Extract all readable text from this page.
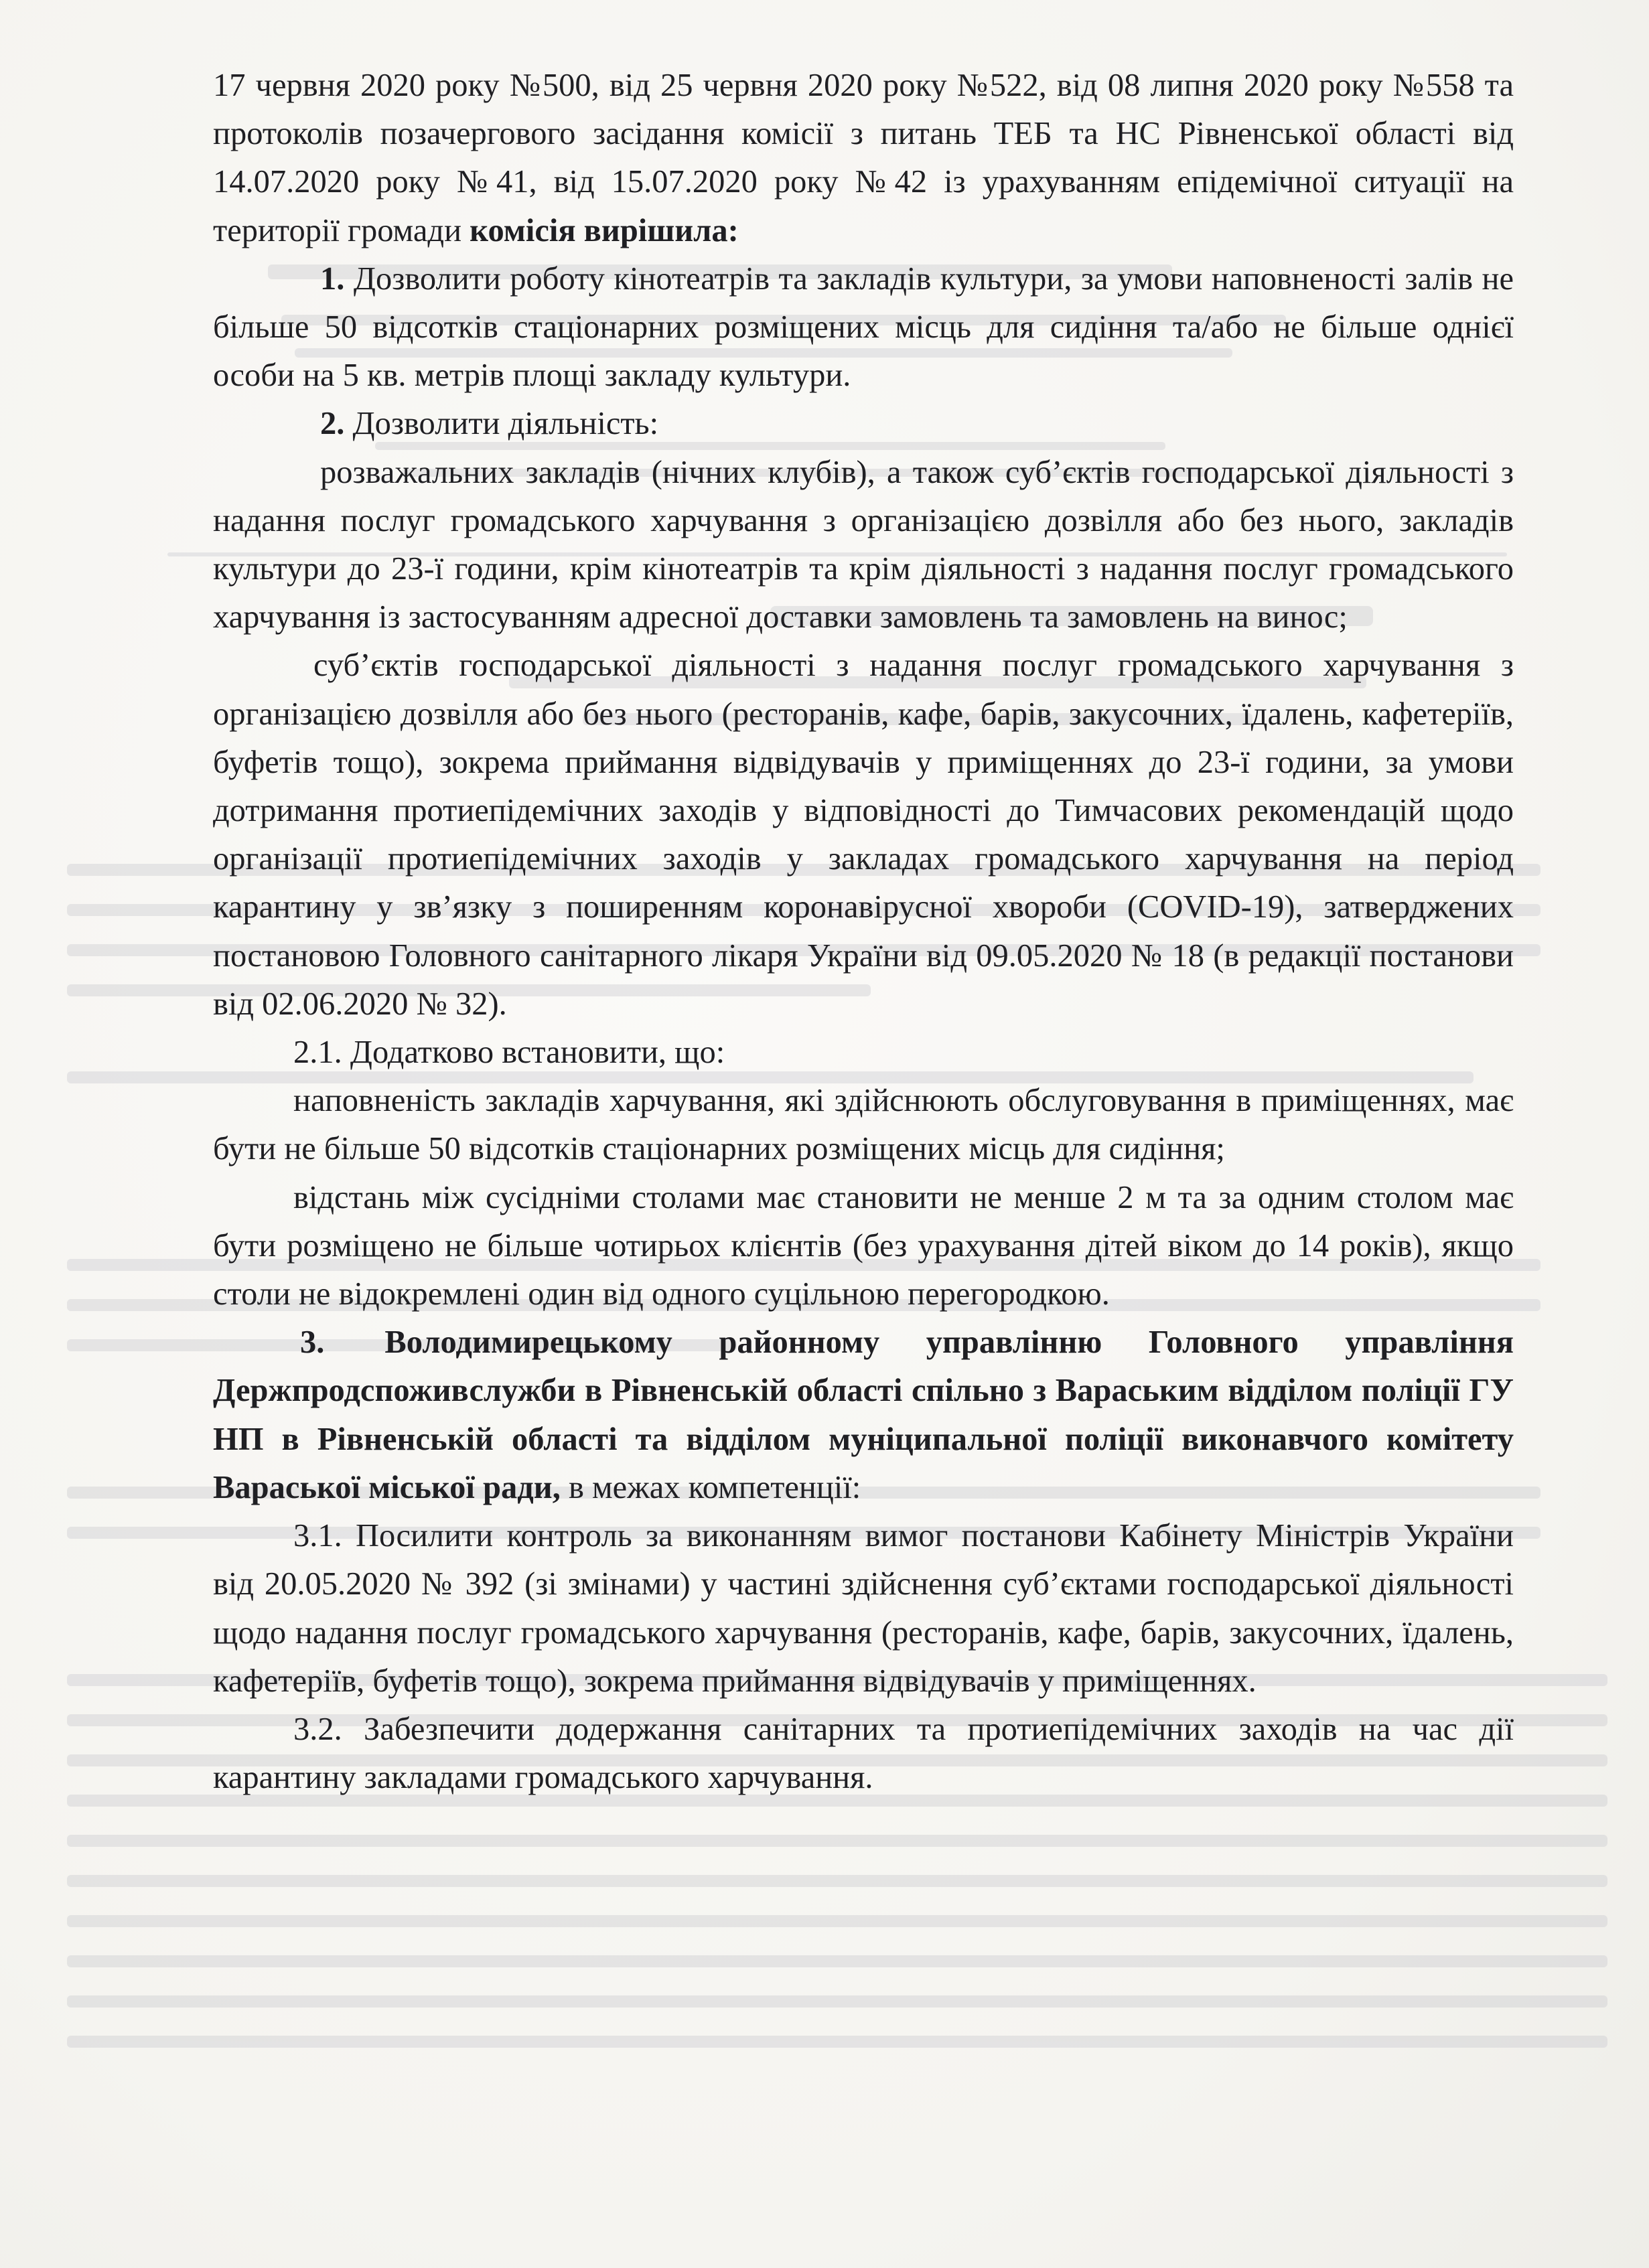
17 червня 2020 року №500, від 25 червня 2020 року №522, від 08 липня 2020 року №558 та протоколів позачергового засідання комісії з питань ТЕБ та НС Рівненської області від 14.07.2020 року №41, від 15.07.2020 року №42 із урахуванням епідемічної ситуації на території громади комісія вирішила:

1. Дозволити роботу кінотеатрів та закладів культури, за умови наповненості залів не більше 50 відсотків стаціонарних розміщених місць для сидіння та/або не більше однієї особи на 5 кв. метрів площі закладу культури.

2. Дозволити діяльність:

розважальних закладів (нічних клубів), а також суб’єктів господарської діяльності з надання послуг громадського харчування з організацією дозвілля або без нього, закладів культури до 23-ї години, крім кінотеатрів та крім діяльності з надання послуг громадського харчування із застосуванням адресної доставки замовлень та замовлень на винос;

суб’єктів господарської діяльності з надання послуг громадського харчування з організацією дозвілля або без нього (ресторанів, кафе, барів, закусочних, їдалень, кафетеріїв, буфетів тощо), зокрема приймання відвідувачів у приміщеннях до 23-ї години, за умови дотримання протиепідемічних заходів у відповідності до Тимчасових рекомендацій щодо організації протиепідемічних заходів у закладах громадського харчування на період карантину у зв’язку з поширенням коронавірусної хвороби (COVID-19), затверджених постановою Головного санітарного лікаря України від 09.05.2020 № 18 (в редакції постанови від 02.06.2020 № 32).

2.1. Додатково встановити, що:

наповненість закладів харчування, які здійснюють обслуговування в приміщеннях, має бути не більше 50 відсотків стаціонарних розміщених місць для сидіння;

відстань між сусідніми столами має становити не менше 2 м та за одним столом має бути розміщено не більше чотирьох клієнтів (без урахування дітей віком до 14 років), якщо столи не відокремлені один від одного суцільною перегородкою.

3. Володимирецькому районному управлінню Головного управління Держпродспоживслужби в Рівненській області спільно з Вараським відділом поліції ГУ НП в Рівненській області та відділом муніципальної поліції виконавчого комітету Вараської міської ради, в межах компетенції:

3.1. Посилити контроль за виконанням вимог постанови Кабінету Міністрів України від 20.05.2020 № 392 (зі змінами) у частині здійснення суб’єктами господарської діяльності щодо надання послуг громадського харчування (ресторанів, кафе, барів, закусочних, їдалень, кафетеріїв, буфетів тощо), зокрема приймання відвідувачів у приміщеннях.

3.2. Забезпечити додержання санітарних та протиепідемічних заходів на час дії карантину закладами громадського харчування.
